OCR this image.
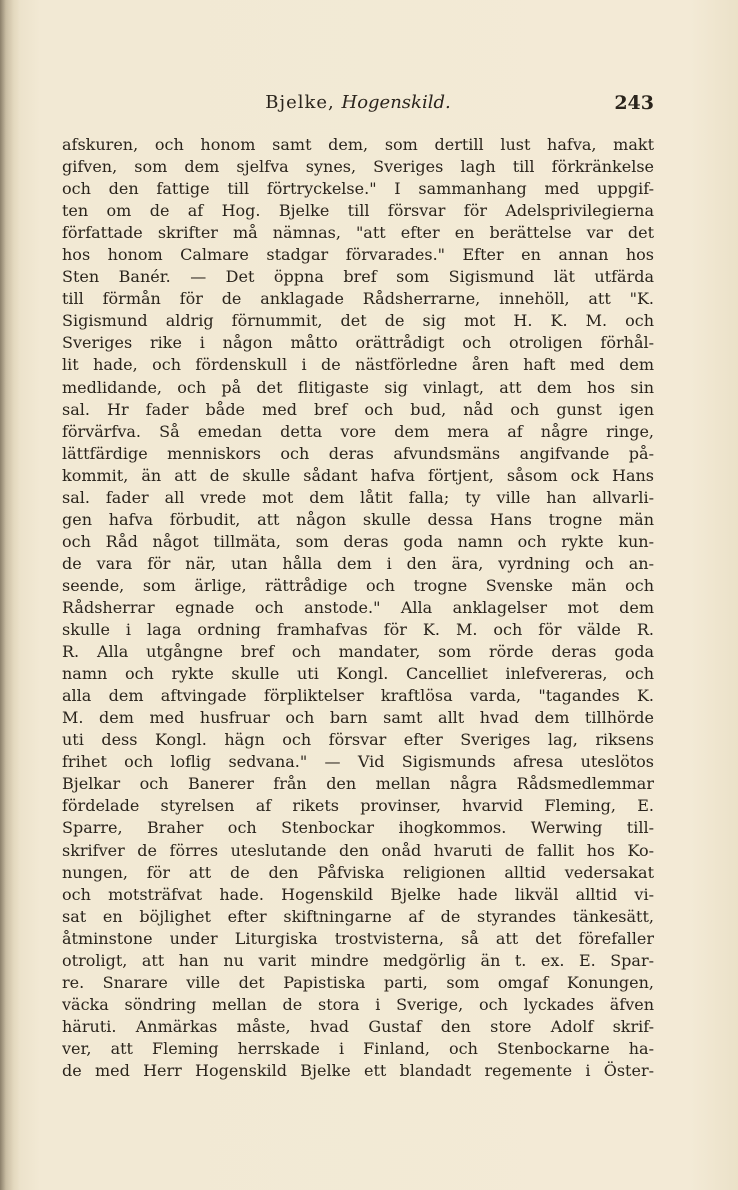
Bjelke, Hogenskild.	243
afskuren, och honom samt dem, som dertill lust hafva, makt
gifven, som dem sjelfva synes, Sveriges lagh till förkränkelse
och den fattige till förtryckelse." I sammanhang med uppgif-
ten om de af Hog. Bjelke till försvar för Adelsprivilegierna
författade skrifter må nämnas, "att efter en berättelse var det
hos honom Calmare stadgar förvarades." Efter en annan hos
Sten Banér. — Det öppna bref som Sigismund lät utfärda
till förmån för de anklagade Rådsherrarne, innehöll, att "K.
Sigismund aldrig förnummit, det de sig mot H. K. M. och
Sveriges rike i någon måtto orättrådigt och otroligen förhål-
lit hade, och fördenskull i de nästförledne åren haft med dem
medlidande, och på det flitigaste sig vinlagt, att dem hos sin
sal. Hr fader både med bref och bud, nåd och gunst igen
förvärfva. Så emedan detta vore dem mera af någre ringe,
lättfärdige menniskors och deras afvundsmäns angifvande på-
kommit, än att de skulle sådant hafva förtjent, såsom ock Hans
sal. fader all vrede mot dem låtit falla; ty ville han allvarli-
gen hafva förbudit, att någon skulle dessa Hans trogne män
och Råd något tillmäta, som deras goda namn och rykte kun-
de vara för när, utan hålla dem i den ära, vyrdning och an-
seende, som ärlige, rättrådige och trogne Svenske män och
Rådsherrar egnade och anstode." Alla anklagelser mot dem
skulle i laga ordning framhafvas för K. M. och för välde R.
R. Alla utgångne bref och mandater, som rörde deras goda
namn och rykte skulle uti Kongl. Cancelliet inlefvereras, och
alla dem aftvingade förpliktelser kraftlösa varda, "tagandes K.
M. dem med husfruar och barn samt allt hvad dem tillhörde
uti dess Kongl. hägn och försvar efter Sveriges lag, riksens
frihet och loflig sedvana." — Vid Sigismunds afresa uteslötos
Bjelkar och Banerer från den mellan några Rådsmedlemmar
fördelade styrelsen af rikets provinser, hvarvid Fleming, E.
Sparre, Braher och Stenbockar ihogkommos. Werwing till-
skrifver de förres uteslutande den onåd hvaruti de fallit hos Ko-
nungen, för att de den Påfviska religionen alltid vedersakat
och motsträfvat hade. Hogenskild Bjelke hade likväl alltid vi-
sat en böjlighet efter skiftningarne af de styrandes tänkesätt,
åtminstone under Liturgiska trostvisterna, så att det förefaller
otroligt, att han nu varit mindre medgörlig än t. ex. E. Spar-
re. Snarare ville det Papistiska parti, som omgaf Konungen,
väcka söndring mellan de stora i Sverige, och lyckades äfven
häruti. Anmärkas måste, hvad Gustaf den store Adolf skrif-
ver, att Fleming herrskade i Finland, och Stenbockarne ha-
de med Herr Hogenskild Bjelke ett blandadt regemente i Öster-
